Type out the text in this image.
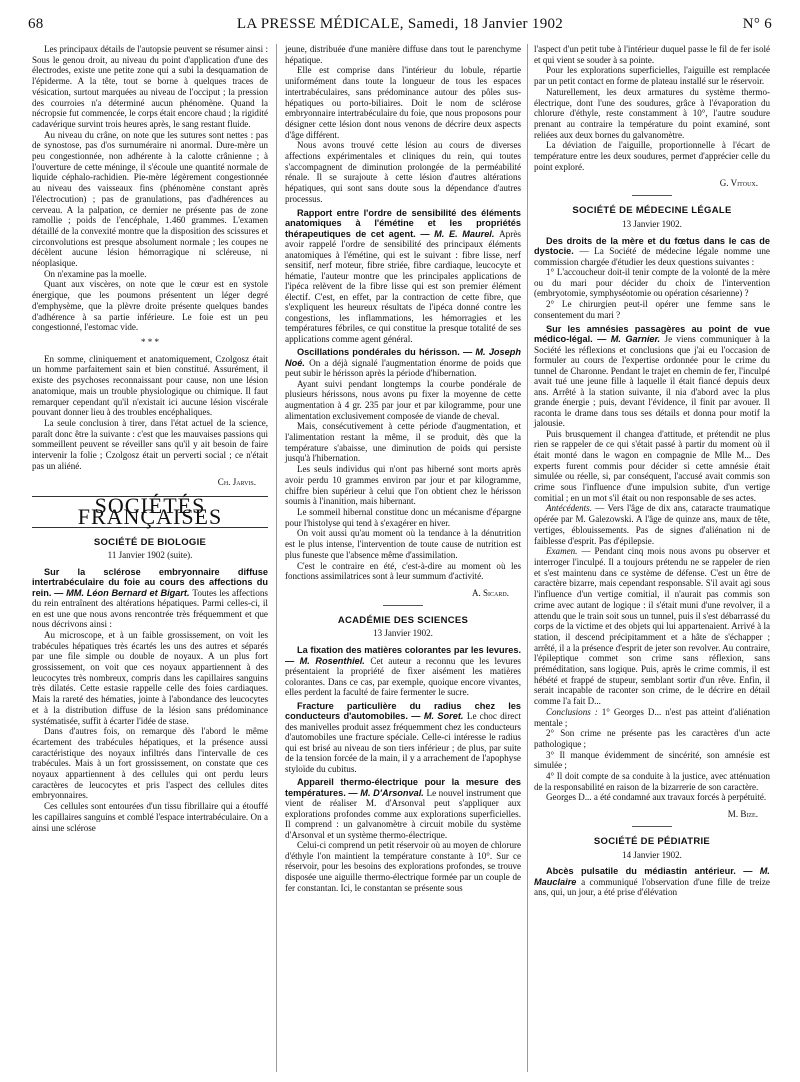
68	LA PRESSE MÉDICALE, Samedi, 18 Janvier 1902	N° 6

Les principaux détails de l'autopsie peuvent se résumer ainsi : Sous le genou droit, au niveau du point d'application d'une des électrodes, existe une petite zone qui a subi la desquamation de l'épiderme. A la tête, tout se borne à quelques traces de vésication, surtout marquées au niveau de l'occiput ; la pression des courroies n'a déterminé aucun phénomène. Quand la nécropsie fut commencée, le corps était encore chaud ; la rigidité cadavérique survint trois heures après, le sang restant fluide.

Au niveau du crâne, on note que les sutures sont nettes : pas de synostose, pas d'os surnuméraire ni anormal. Dure-mère un peu congestionnée, non adhérente à la calotte crânienne ; à l'ouverture de cette méninge, il s'écoule une quantité normale de liquide céphalo-rachidien. Pie-mère légèrement congestionnée au niveau des vaisseaux fins (phénomène constant après l'électrocution) ; pas de granulations, pas d'adhérences au cerveau. A la palpation, ce dernier ne présente pas de zone ramollie ; poids de l'encéphale, 1.460 grammes. L'examen détaillé de la convexité montre que la disposition des scissures et circonvolutions est presque absolument normale ; les coupes ne décèlent aucune lésion hémorragique ni scléreuse, ni néoplasique.

On n'examine pas la moelle.

Quant aux viscères, on note que le cœur est en systole énergique, que les poumons présentent un léger degré d'emphysème, que la plèvre droite présente quelques bandes d'adhérence à sa partie inférieure. Le foie est un peu congestionné, l'estomac vide.

* * *

En somme, cliniquement et anatomiquement, Czolgosz était un homme parfaitement sain et bien constitué. Assurément, il existe des psychoses reconnaissant pour cause, non une lésion anatomique, mais un trouble physiologique ou chimique. Il faut remarquer cependant qu'il n'existait ici aucune lésion viscérale pouvant donner lieu à des troubles encéphaliques.

La seule conclusion à tirer, dans l'état actuel de la science, paraît donc être la suivante : c'est que les mauvaises passions qui sommeillent peuvent se réveiller sans qu'il y ait besoin de faire intervenir la folie ; Czolgosz était un perverti social ; ce n'était pas un aliéné.

Ch. Jarvis.

SOCIÉTÉS FRANÇAISES
SOCIÉTÉ DE BIOLOGIE

11 Janvier 1902 (suite).

Sur la sclérose embryonnaire diffuse intertrabéculaire du foie au cours des affections du rein. — MM. Léon Bernard et Bigart. Toutes les affections du rein entraînent des altérations hépatiques. Parmi celles-ci, il en est une que nous avons rencontrée très fréquemment et que nous décrivons ainsi :

Au microscope, et à un faible grossissement, on voit les trabécules hépatiques très écartés les uns des autres et séparés par une file simple ou double de noyaux. A un plus fort grossissement, on voit que ces noyaux appartiennent à des leucocytes très nombreux, compris dans les capillaires sanguins très dilatés. Cette estasie rappelle celle des foies cardiaques. Mais la rareté des hématies, jointe à l'abondance des leucocytes et à la distribution diffuse de la lésion sans prédominance systématisée, suffit à écarter l'idée de stase.

Dans d'autres fois, on remarque dès l'abord le même écartement des trabécules hépatiques, et la présence aussi caractéristique des noyaux infiltrés dans l'intervalle de ces trabécules. Mais à un fort grossissement, on constate que ces noyaux appartiennent à des cellules qui ont perdu leurs caractères de leucocytes et pris l'aspect des cellules dites embryonnaires.

Ces cellules sont entourées d'un tissu fibrillaire qui a étouffé les capillaires sanguins et comblé l'espace intertrabéculaire. On a ainsi une sclérose

jeune, distribuée d'une manière diffuse dans tout le parenchyme hépatique.

Elle est comprise dans l'intérieur du lobule, répartie uniformément dans toute la longueur de tous les espaces intertrabéculaires, sans prédominance autour des pôles sus-hépatiques ou porto-biliaires. Doit le nom de sclérose embryonnaire intertrabéculaire du foie, que nous proposons pour désigner cette lésion dont nous venons de décrire deux aspects d'âge différent.

Nous avons trouvé cette lésion au cours de diverses affections expérimentales et cliniques du rein, qui toutes s'accompagnent de diminution prolongée de la perméabilité rénale. Il se surajoute à cette lésion d'autres altérations hépatiques, qui sont sans doute sous la dépendance d'autres processus.

Rapport entre l'ordre de sensibilité des éléments anatomiques à l'émétine et les propriétés thérapeutiques de cet agent. — M. E. Maurel. Après avoir rappelé l'ordre de sensibilité des principaux éléments anatomiques à l'émétine, qui est le suivant : fibre lisse, nerf sensitif, nerf moteur, fibre striée, fibre cardiaque, leucocyte et hématie, l'auteur montre que les principales applications de l'ipéca relèvent de la fibre lisse qui est son premier élément électif. C'est, en effet, par la contraction de cette fibre, que s'expliquent les heureux résultats de l'ipéca donné contre les congestions, les inflammations, les hémorragies et les températures fébriles, ce qui constitue la presque totalité de ses applications comme agent général.

Oscillations pondérales du hérisson. — M. Joseph Noé. On a déjà signalé l'augmentation énorme de poids que peut subir le hérisson après la période d'hibernation.

Ayant suivi pendant longtemps la courbe pondérale de plusieurs hérissons, nous avons pu fixer la moyenne de cette augmentation à 4 gr. 235 par jour et par kilogramme, pour une alimentation exclusivement composée de viande de cheval.

Mais, consécutivement à cette période d'augmentation, et l'alimentation restant la même, il se produit, dès que la température s'abaisse, une diminution de poids qui persiste jusqu'à l'hibernation.

Les seuls individus qui n'ont pas hiberné sont morts après avoir perdu 10 grammes environ par jour et par kilogramme, chiffre bien supérieur à celui que l'on obtient chez le hérisson soumis à l'inanition, mais hibernant.

Le sommeil hibernal constitue donc un mécanisme d'épargne pour l'histolyse qui tend à s'exagérer en hiver.

On voit aussi qu'au moment où la tendance à la dénutrition est le plus intense, l'intervention de toute cause de nutrition est plus funeste que l'absence même d'assimilation.

C'est le contraire en été, c'est-à-dire au moment où les fonctions assimilatrices sont à leur summum d'activité.

A. Sicard.

ACADÉMIE DES SCIENCES

13 Janvier 1902.

La fixation des matières colorantes par les levures. — M. Rosenthiel. Cet auteur a reconnu que les levures présentaient la propriété de fixer aisément les matières colorantes. Dans ce cas, par exemple, quoique encore vivantes, elles perdent la faculté de faire fermenter le sucre.

Fracture particulière du radius chez les conducteurs d'automobiles. — M. Soret. Le choc direct des manivelles produit assez fréquemment chez les conducteurs d'automobiles une fracture spéciale. Celle-ci intéresse le radius qui est brisé au niveau de son tiers inférieur ; de plus, par suite de la tension forcée de la main, il y a arrachement de l'apophyse styloïde du cubitus.

Appareil thermo-électrique pour la mesure des températures. — M. D'Arsonval. Le nouvel instrument que vient de réaliser M. d'Arsonval peut s'appliquer aux explorations profondes comme aux explorations superficielles. Il comprend : un galvanomètre à circuit mobile du système d'Arsonval et un système thermo-électrique.

Celui-ci comprend un petit réservoir où au moyen de chlorure d'éthyle l'on maintient la température constante à 10°. Sur ce réservoir, pour les besoins des explorations profondes, se trouve disposée une aiguille thermo-électrique formée par un couple de fer constantan. Ici, le constantan se présente sous

l'aspect d'un petit tube à l'intérieur duquel passe le fil de fer isolé et qui vient se souder à sa pointe.

Pour les explorations superficielles, l'aiguille est remplacée par un petit contact en forme de plateau installé sur le réservoir.

Naturellement, les deux armatures du système thermo-électrique, dont l'une des soudures, grâce à l'évaporation du chlorure d'éthyle, reste constamment à 10°, l'autre soudure prenant au contraire la température du point examiné, sont reliées aux deux bornes du galvanomètre.

La déviation de l'aiguille, proportionnelle à l'écart de température entre les deux soudures, permet d'apprécier celle du point exploré.

G. Vitoux.

SOCIÉTÉ DE MÉDECINE LÉGALE

13 Janvier 1902.

Des droits de la mère et du fœtus dans le cas de dystocie. — La Société de médecine légale nomme une commission chargée d'étudier les deux questions suivantes :

1° L'accoucheur doit-il tenir compte de la volonté de la mère ou du mari pour décider du choix de l'intervention (embryotomie, symphyséotomie ou opération césarienne) ?

2° Le chirurgien peut-il opérer une femme sans le consentement du mari ?

Sur les amnésies passagères au point de vue médico-légal. — M. Garnier. Je viens communiquer à la Société les réflexions et conclusions que j'ai eu l'occasion de formuler au cours de l'expertise ordonnée pour le crime du tunnel de Charonne. Pendant le trajet en chemin de fer, l'inculpé avait tué une jeune fille à laquelle il était fiancé depuis deux ans. Arrêté à la station suivante, il nia d'abord avec la plus grande énergie ; puis, devant l'évidence, il finit par avouer. Il raconta le drame dans tous ses détails et donna pour motif la jalousie.

Puis brusquement il changea d'attitude, et prétendit ne plus rien se rappeler de ce qui s'était passé à partir du moment où il était monté dans le wagon en compagnie de Mlle M... Des experts furent commis pour décider si cette amnésie était simulée ou réelle, si, par conséquent, l'accusé avait commis son crime sous l'influence d'une impulsion subite, d'un vertige comitial ; en un mot s'il était ou non responsable de ses actes.

Antécédents. — Vers l'âge de dix ans, cataracte traumatique opérée par M. Galezowski. A l'âge de quinze ans, maux de tête, vertiges, éblouissements. Pas de signes d'aliénation ni de faiblesse d'esprit. Pas d'épilepsie.

Examen. — Pendant cinq mois nous avons pu observer et interroger l'inculpé. Il a toujours prétendu ne se rappeler de rien et s'est maintenu dans ce système de défense. C'est un être de caractère bizarre, mais cependant responsable. S'il avait agi sous l'influence d'un vertige comitial, il n'aurait pas commis son crime avec autant de logique : il s'était muni d'une revolver, il a attendu que le train soit sous un tunnel, puis il s'est débarrassé du corps de la victime et des objets qui lui appartenaient. Arrivé à la station, il descend précipitamment et a hâte de s'échapper ; arrêté, il a la présence d'esprit de jeter son revolver. Au contraire, l'épileptique commet son crime sans réflexion, sans préméditation, sans logique. Puis, après le crime commis, il est hébété et frappé de stupeur, semblant sortir d'un rêve. Enfin, il serait incapable de raconter son crime, de le décrire en détail comme l'a fait D...

Conclusions : 1° Georges D... n'est pas atteint d'aliénation mentale ;

2° Son crime ne présente pas les caractères d'un acte pathologique ;

3° Il manque évidemment de sincérité, son amnésie est simulée ;

4° Il doit compte de sa conduite à la justice, avec atténuation de la responsabilité en raison de la bizarrerie de son caractère.

Georges D... a été condamné aux travaux forcés à perpétuité.

M. Bize.

SOCIÉTÉ DE PÉDIATRIE

14 Janvier 1902.

Abcès pulsatile du médiastin antérieur. — M. Mauclaire a communiqué l'observation d'une fille de treize ans, qui, un jour, a été prise d'élévation
